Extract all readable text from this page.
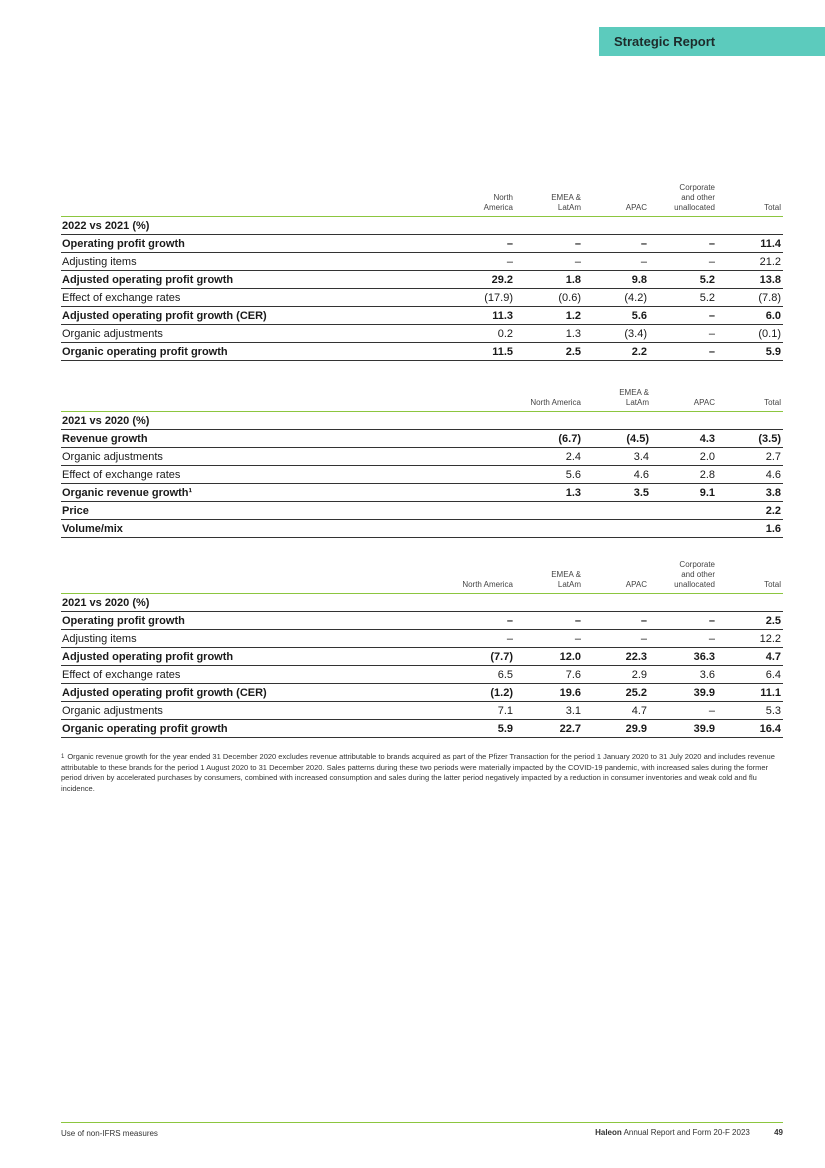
Strategic Report
	North
America	EMEA &
LatAm	APAC	Corporate
and other
unallocated	Total
2022 vs 2021 (%)					
Operating profit growth	–	–	–	–	11.4
Adjusting items	–	–	–	–	21.2
Adjusted operating profit growth	29.2	1.8	9.8	5.2	13.8
Effect of exchange rates	(17.9)	(0.6)	(4.2)	5.2	(7.8)
Adjusted operating profit growth (CER)	11.3	1.2	5.6	–	6.0
Organic adjustments	0.2	1.3	(3.4)	–	(0.1)
Organic operating profit growth	11.5	2.5	2.2	–	5.9
	North America	EMEA &
LatAm	APAC	Total
2021 vs 2020 (%)				
Revenue growth	(6.7)	(4.5)	4.3	(3.5)
Organic adjustments	2.4	3.4	2.0	2.7
Effect of exchange rates	5.6	4.6	2.8	4.6
Organic revenue growth¹	1.3	3.5	9.1	3.8
Price				2.2
Volume/mix				1.6
	North America	EMEA &
LatAm	APAC	Corporate
and other
unallocated	Total
2021 vs 2020 (%)					
Operating profit growth	–	–	–	–	2.5
Adjusting items	–	–	–	–	12.2
Adjusted operating profit growth	(7.7)	12.0	22.3	36.3	4.7
Effect of exchange rates	6.5	7.6	2.9	3.6	6.4
Adjusted operating profit growth (CER)	(1.2)	19.6	25.2	39.9	11.1
Organic adjustments	7.1	3.1	4.7	–	5.3
Organic operating profit growth	5.9	22.7	29.9	39.9	16.4
$^1$ Organic revenue growth for the year ended 31 December 2020 excludes revenue attributable to brands acquired as part of the Pfizer Transaction for the period 1 January 2020 to 31 July 2020 and includes revenue attributable to these brands for the period 1 August 2020 to 31 December 2020. Sales patterns during these two periods were materially impacted by the COVID-19 pandemic, with increased sales during the former period driven by accelerated purchases by consumers, combined with increased consumption and sales during the latter period negatively impacted by a reduction in consumer inventories and weak cold and flu incidence.
Use of non-IFRS measures	Haleon Annual Report and Form 20-F 2023	49
